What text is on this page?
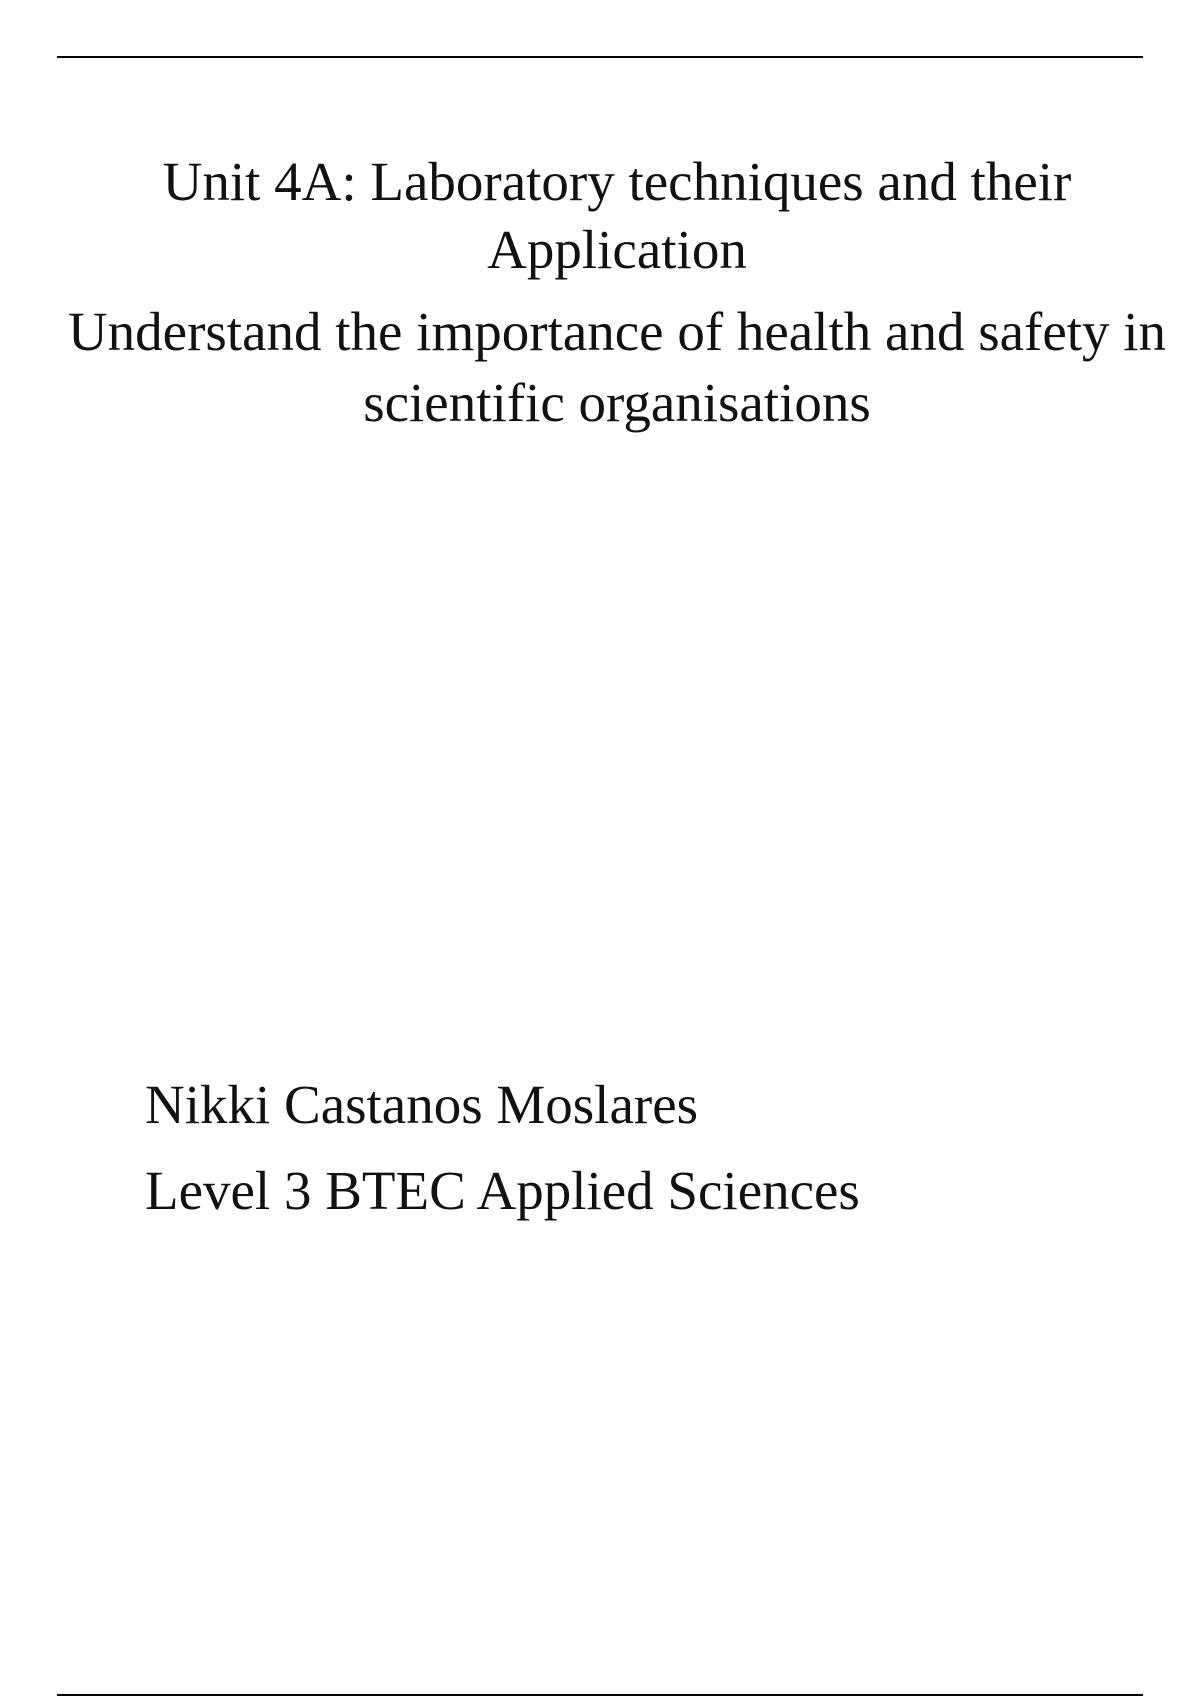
Unit 4A: Laboratory techniques and their Application
Understand the importance of health and safety in scientific organisations

Nikki Castanos Moslares

Level 3 BTEC Applied Sciences
